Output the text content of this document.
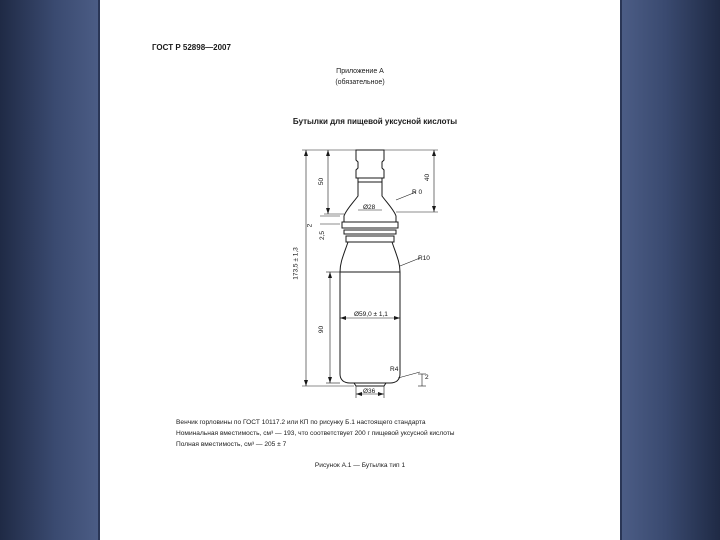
ГОСТ Р 52898—2007
Приложение А
(обязательное)
Бутылки для пищевой уксусной кислоты
50
40
173,5 ± 1,3
2
2,5
R 0
Ø28
R10
Ø59,0 ± 1,1
90
R4
2
Ø36
Венчик горловины по ГОСТ 10117.2 или КП по рисунку Б.1 настоящего стандарта
Номинальная вместимость, см³ — 193, что соответствует 200 г пищевой уксусной кислоты
Полная вместимость, см³ — 205 ± 7
Рисунок А.1 — Бутылка тип 1
